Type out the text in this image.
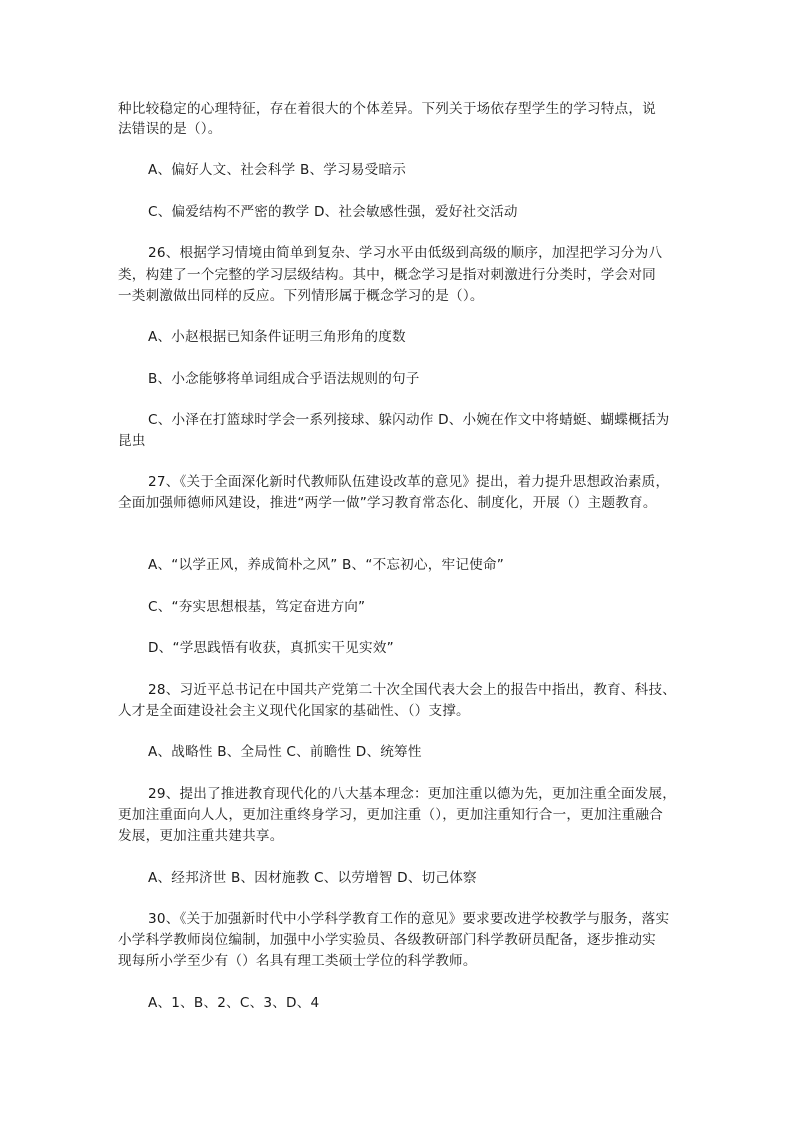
种比较稳定的心理特征，存在着很大的个体差异。下列关于场依存型学生的学习特点，说
法错误的是（）。
A、偏好人文、社会科学 B、学习易受暗示
C、偏爱结构不严密的教学 D、社会敏感性强，爱好社交活动
26、根据学习情境由简单到复杂、学习水平由低级到高级的顺序，加涅把学习分为八
类，构建了一个完整的学习层级结构。其中，概念学习是指对刺激进行分类时，学会对同
一类刺激做出同样的反应。下列情形属于概念学习的是（）。
A、小赵根据已知条件证明三角形角的度数
B、小念能够将单词组成合乎语法规则的句子
C、小泽在打篮球时学会一系列接球、躲闪动作 D、小婉在作文中将蜻蜓、蝴蝶概括为
昆虫
27、《关于全面深化新时代教师队伍建设改革的意见》提出，着力提升思想政治素质，
全面加强师德师风建设，推进“两学一做”学习教育常态化、制度化，开展（）主题教育。
A、“以学正风，养成简朴之风” B、“不忘初心，牢记使命”
C、“夯实思想根基，笃定奋进方向”
D、“学思践悟有收获，真抓实干见实效”
28、习近平总书记在中国共产党第二十次全国代表大会上的报告中指出，教育、科技、
人才是全面建设社会主义现代化国家的基础性、（）支撑。
A、战略性 B、全局性 C、前瞻性 D、统筹性
29、提出了推进教育现代化的八大基本理念：更加注重以德为先，更加注重全面发展，
更加注重面向人人，更加注重终身学习，更加注重（），更加注重知行合一，更加注重融合
发展，更加注重共建共享。
A、经邦济世 B、因材施教 C、以劳增智 D、切己体察
30、《关于加强新时代中小学科学教育工作的意见》要求要改进学校教学与服务，落实
小学科学教师岗位编制，加强中小学实验员、各级教研部门科学教研员配备，逐步推动实
现每所小学至少有（）名具有理工类硕士学位的科学教师。
A、1、B、2、C、3、D、4
